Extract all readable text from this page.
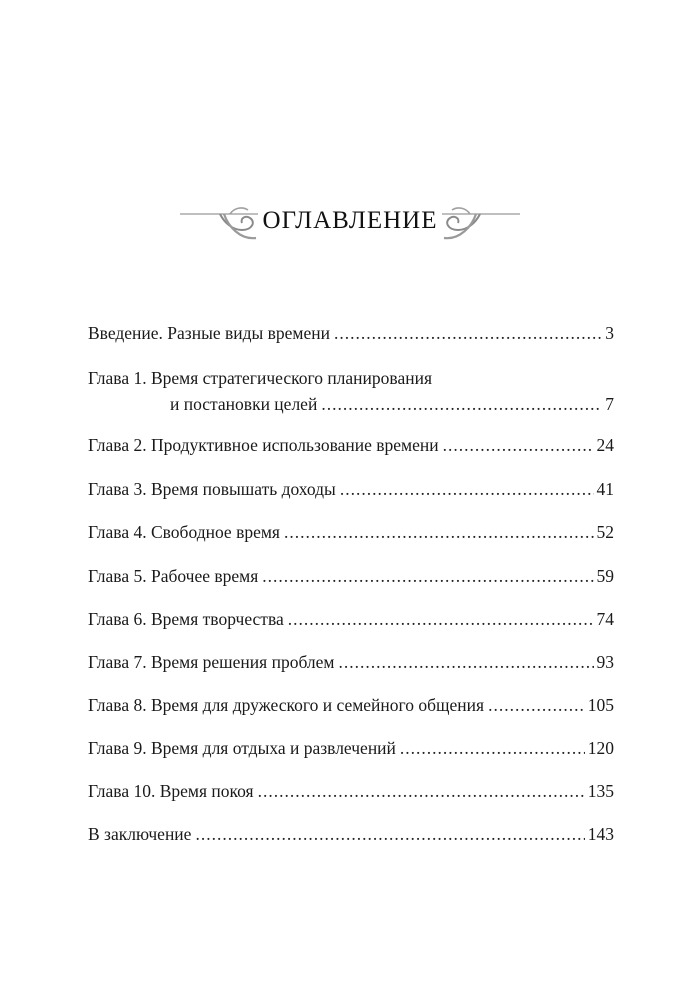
ОГЛАВЛЕНИЕ
Введение. Разные виды времени .....	3
Глава 1. Время стратегического планирования
и постановки целей .....	7
Глава 2. Продуктивное использование времени .....	24
Глава 3. Время повышать доходы .....	41
Глава 4. Свободное время .....	52
Глава 5. Рабочее время .....	59
Глава 6. Время творчества .....	74
Глава 7. Время решения проблем .....	93
Глава 8. Время для дружеского и семейного общения .....	105
Глава 9. Время для отдыха и развлечений .....	120
Глава 10. Время покоя .....	135
В заключение .....	143
